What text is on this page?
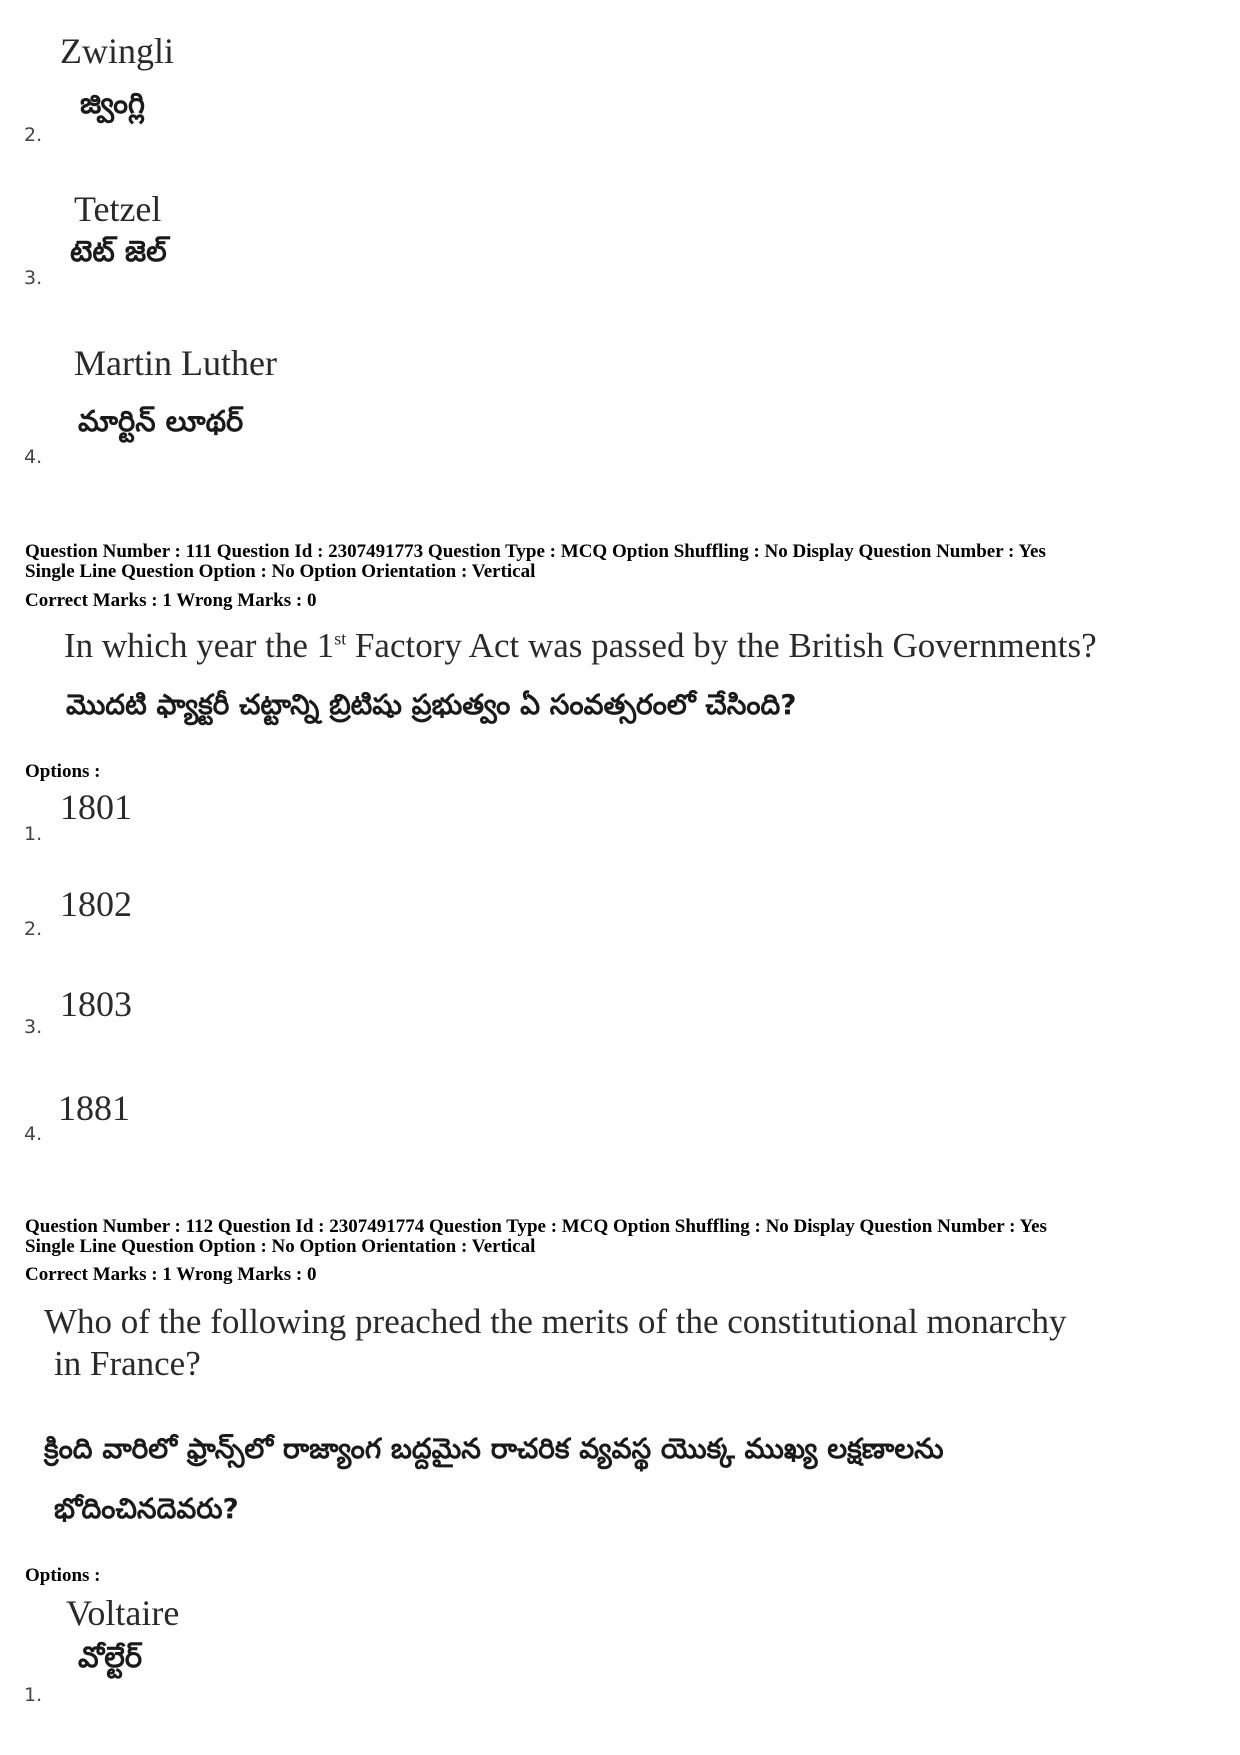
Zwingli
జ్వింగ్లి
2.
Tetzel
టెట్ జెల్
3.
Martin Luther
మార్టిన్ లూథర్
4.
Question Number : 111 Question Id : 2307491773 Question Type : MCQ Option Shuffling : No Display Question Number : Yes
Single Line Question Option : No Option Orientation : Vertical
Correct Marks : 1 Wrong Marks : 0
In which year the 1st Factory Act was passed by the British Governments?
మొదటి ఫ్యాక్టరీ చట్టాన్ని బ్రిటిషు ప్రభుత్వం ఏ సంవత్సరంలో చేసింది?
Options :
1.
1801
2.
1802
3.
1803
4.
1881
Question Number : 112 Question Id : 2307491774 Question Type : MCQ Option Shuffling : No Display Question Number : Yes
Single Line Question Option : No Option Orientation : Vertical
Correct Marks : 1 Wrong Marks : 0
Who of the following preached the merits of the constitutional monarchy
in France?
క్రింది వారిలో ఫ్రాన్స్‌లో రాజ్యాంగ బద్దమైన రాచరిక వ్యవస్థ యొక్క ముఖ్య లక్షణాలను
భోదించినదెవరు?
Options :
Voltaire
వోల్టేర్
1.
